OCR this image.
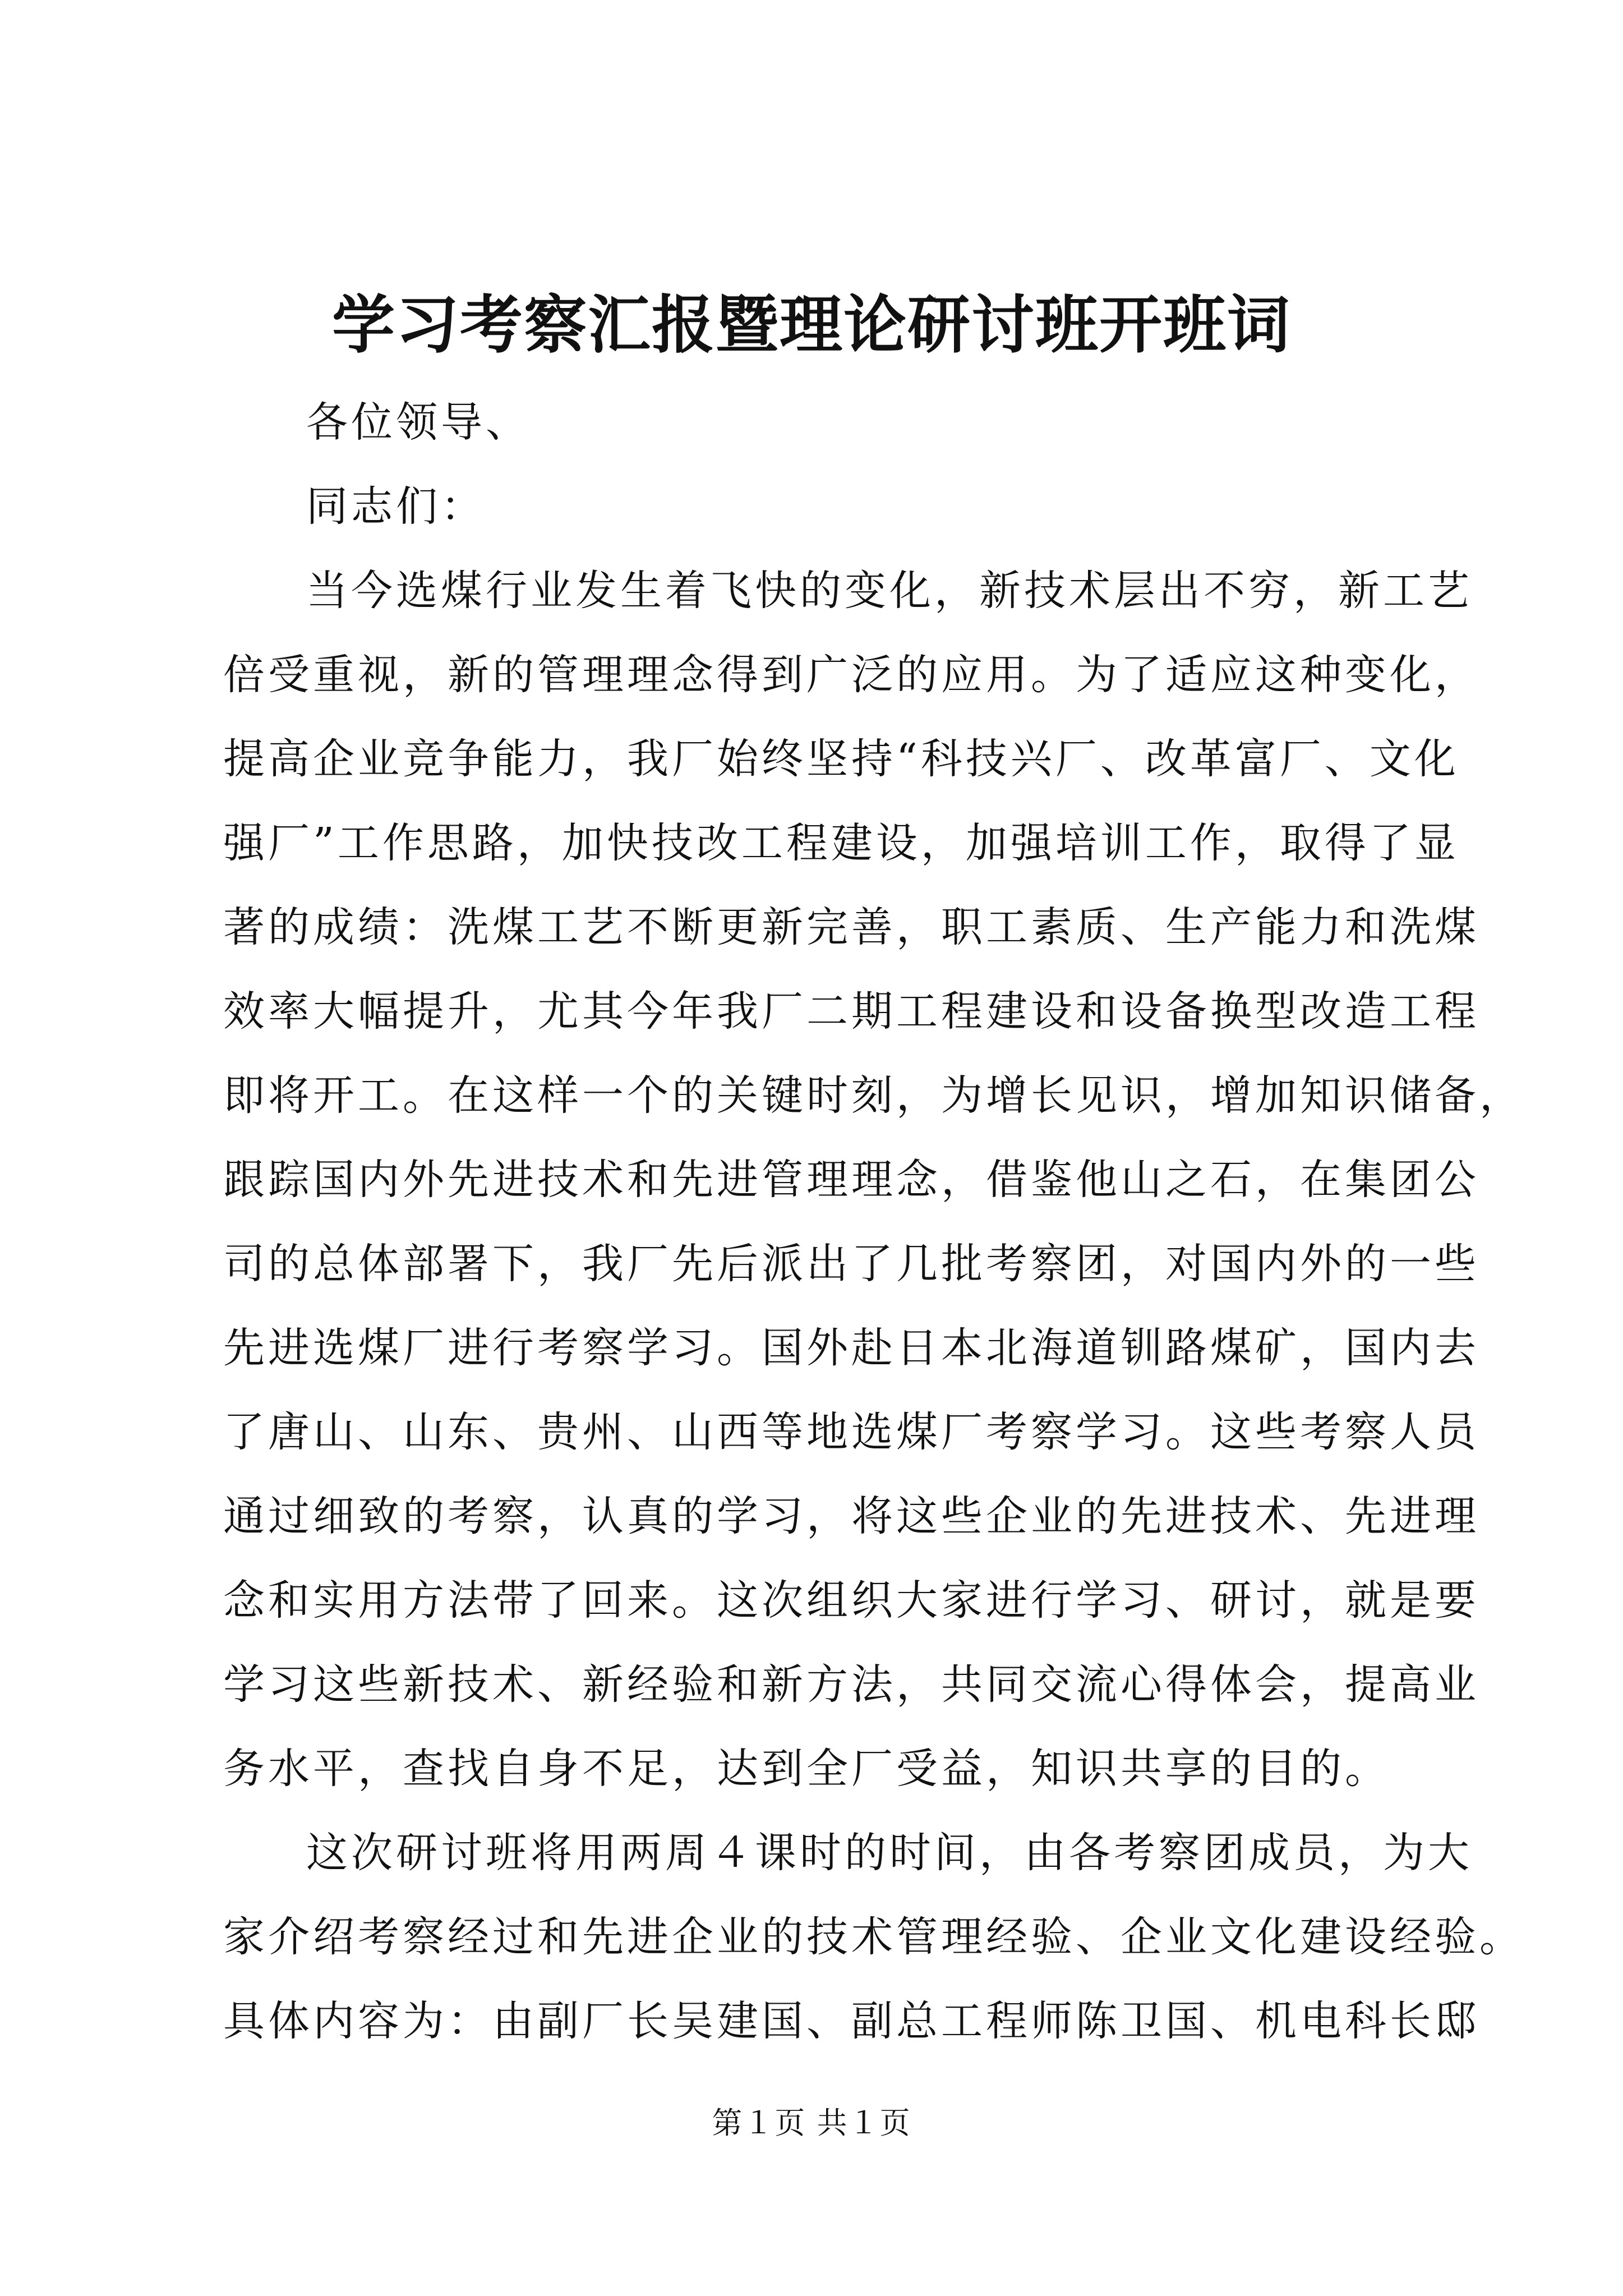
学习考察汇报暨理论研讨班开班词

各位领导、

同志们：

当今选煤行业发生着飞快的变化，新技术层出不穷，新工艺

倍受重视，新的管理理念得到广泛的应用。为了适应这种变化，

提高企业竞争能力，我厂始终坚持“科技兴厂、改革富厂、文化

强厂”工作思路，加快技改工程建设，加强培训工作，取得了显

著的成绩：洗煤工艺不断更新完善，职工素质、生产能力和洗煤

效率大幅提升，尤其今年我厂二期工程建设和设备换型改造工程

即将开工。在这样一个的关键时刻，为增长见识，增加知识储备，

跟踪国内外先进技术和先进管理理念，借鉴他山之石，在集团公

司的总体部署下，我厂先后派出了几批考察团，对国内外的一些

先进选煤厂进行考察学习。国外赴日本北海道钏路煤矿，国内去

了唐山、山东、贵州、山西等地选煤厂考察学习。这些考察人员

通过细致的考察，认真的学习，将这些企业的先进技术、先进理

念和实用方法带了回来。这次组织大家进行学习、研讨，就是要

学习这些新技术、新经验和新方法，共同交流心得体会，提高业

务水平，查找自身不足，达到全厂受益，知识共享的目的。

这次研讨班将用两周４课时的时间，由各考察团成员，为大

家介绍考察经过和先进企业的技术管理经验、企业文化建设经验。

具体内容为：由副厂长吴建国、副总工程师陈卫国、机电科长邸

第１页 共１页
